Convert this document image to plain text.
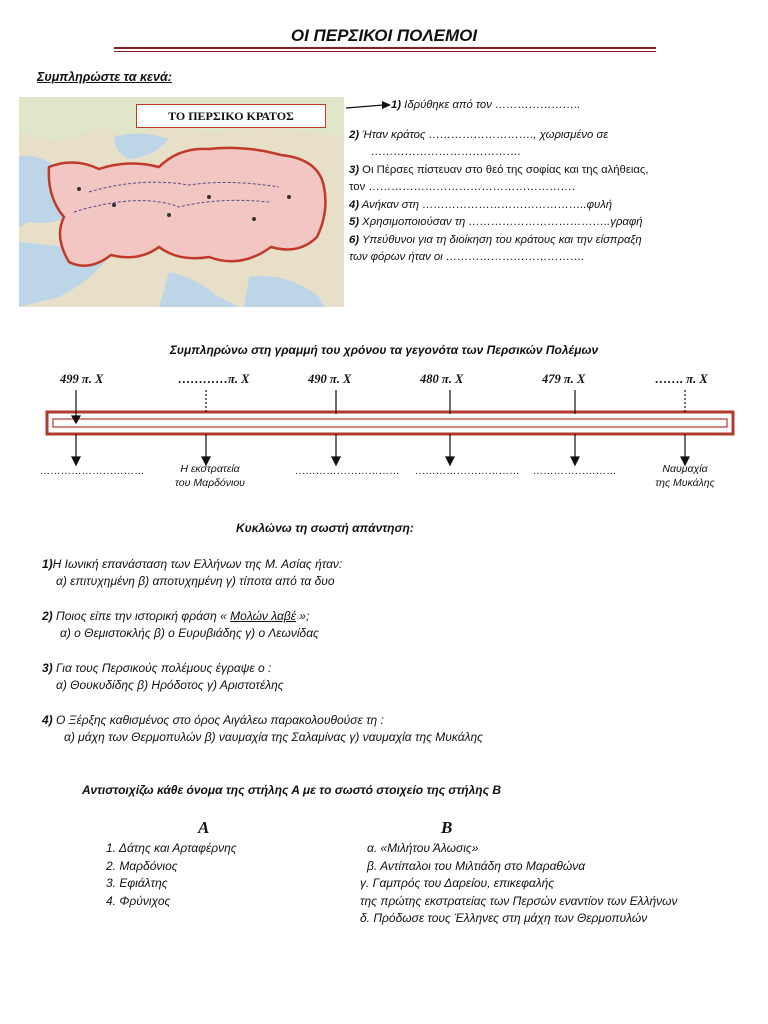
ΟΙ ΠΕΡΣΙΚΟΙ ΠΟΛΕΜΟΙ
Συμπληρώστε τα κενά:
ΤΟ ΠΕΡΣΙΚΟ ΚΡΑΤΟΣ
1) Ιδρύθηκε από τον …………………..
2) Ήταν κράτος ………………………., χωρισμένο σε
………………………………….
3) Οι Πέρσες πίστευαν στο θεό της σοφίας και της αλήθειας,
τον ……………………………………………….
4) Ανήκαν στη ……………………………………..φυλή
5) Χρησιμοποιούσαν τη ………………………………..γραφή
6) Υπεύθυνοι για τη διοίκηση του κράτους και την είσπραξη
των φόρων ήταν οι ……………………………….
Συμπληρώνω στη γραμμή του χρόνου τα γεγονότα των Περσικών Πολέμων
499 π. Χ	…………π. Χ	490 π. Χ	480 π. Χ	479 π. Χ	……. π. Χ
…………………………	Η εκστρατεία
του Μαρδόνιου
………………………… ………………………… ……………………	Ναυμαχία
της Μυκάλης
Κυκλώνω τη σωστή απάντηση:
1)Η Ιωνική επανάσταση των Ελλήνων της Μ. Ασίας ήταν:
α) επιτυχημένη β) αποτυχημένη γ) τίποτα από τα δυο
2) Ποιος είπε την ιστορική φράση « Μολών λαβέ »;
α) ο Θεμιστοκλής β) ο Ευρυβιάδης γ) ο Λεωνίδας
3) Για τους Περσικούς πολέμους έγραψε ο :
α) Θουκυδίδης β) Ηρόδοτος γ) Αριστοτέλης
4) Ο Ξέρξης καθισμένος στο όρος Αιγάλεω παρακολουθούσε τη :
α) μάχη των Θερμοπυλών β) ναυμαχία της Σαλαμίνας γ) ναυμαχία της Μυκάλης
Αντιστοιχίζω κάθε όνομα της στήλης Α με το σωστό στοιχείο της στήλης Β
Α	Β
1. Δάτης και Αρταφέρνης
2. Μαρδόνιος
3. Εφιάλτης
4. Φρύνιχος
α. «Μιλήτου Άλωσις»
β. Αντίπαλοι του Μιλτιάδη στο Μαραθώνα
γ. Γαμπρός του Δαρείου, επικεφαλής
της πρώτης εκστρατείας των Περσών εναντίον των Ελλήνων
δ. Πρόδωσε τους Έλληνες στη μάχη των Θερμοπυλών
